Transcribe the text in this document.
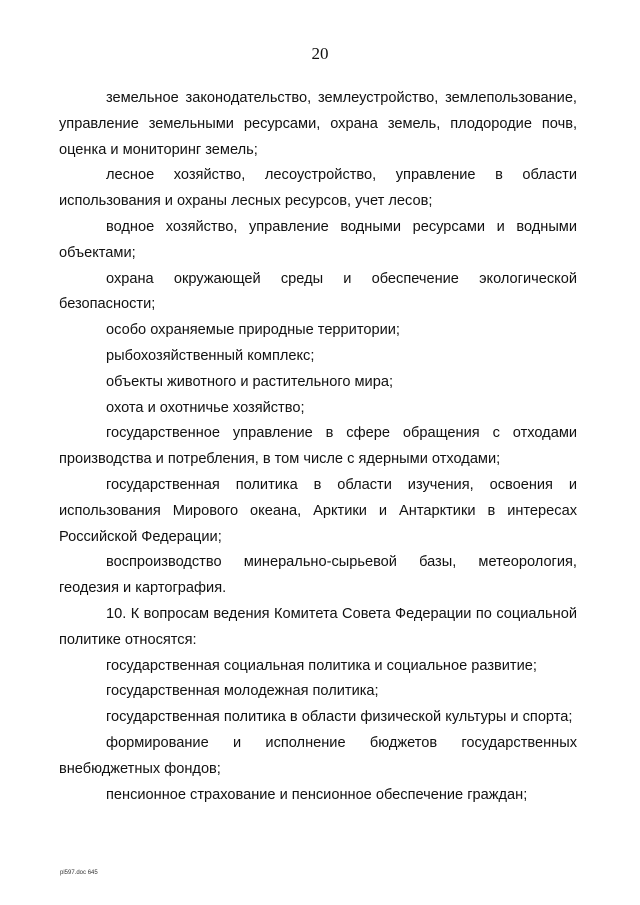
20

земельное законодательство, землеустройство, землепользование, управление земельными ресурсами, охрана земель, плодородие почв, оценка и мониторинг земель;

лесное хозяйство, лесоустройство, управление в области использования и охраны лесных ресурсов, учет лесов;

водное хозяйство, управление водными ресурсами и водными объектами;

охрана окружающей среды и обеспечение экологической безопасности;

особо охраняемые природные территории;

рыбохозяйственный комплекс;

объекты животного и растительного мира;

охота и охотничье хозяйство;

государственное управление в сфере обращения с отходами производства и потребления, в том числе с ядерными отходами;

государственная политика в области изучения, освоения и использования Мирового океана, Арктики и Антарктики в интересах Российской Федерации;

воспроизводство минерально-сырьевой базы, метеорология, геодезия и картография.

10. К вопросам ведения Комитета Совета Федерации по социальной политике относятся:

государственная социальная политика и социальное развитие;

государственная молодежная политика;

государственная политика в области физической культуры и спорта;

формирование и исполнение бюджетов государственных внебюджетных фондов;

пенсионное страхование и пенсионное обеспечение граждан;

pl597.doc 645
